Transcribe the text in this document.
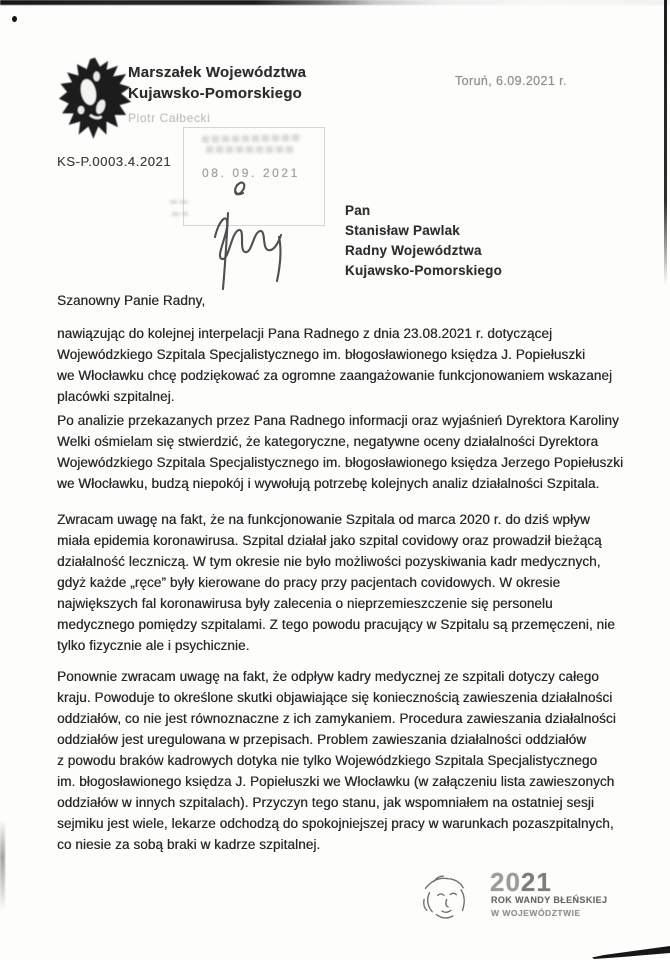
Marszałek Województwa
Kujawsko-Pomorskiego
Piotr Całbecki
Toruń, 6.09.2021 r.
KS-P.0003.4.2021
08. 09. 2021
Pan
Stanisław Pawlak
Radny Województwa
Kujawsko-Pomorskiego
Szanowny Panie Radny,
nawiązując do kolejnej interpelacji Pana Radnego z dnia 23.08.2021 r. dotyczącej
Wojewódzkiego Szpitala Specjalistycznego im. błogosławionego księdza J. Popiełuszki
we Włocławku chcę podziękować za ogromne zaangażowanie funkcjonowaniem wskazanej
placówki szpitalnej.
Po analizie przekazanych przez Pana Radnego informacji oraz wyjaśnień Dyrektora Karoliny
Welki ośmielam się stwierdzić, że kategoryczne, negatywne oceny działalności Dyrektora
Wojewódzkiego Szpitala Specjalistycznego im. błogosławionego księdza Jerzego Popiełuszki
we Włocławku, budzą niepokój i wywołują potrzebę kolejnych analiz działalności Szpitala.
Zwracam uwagę na fakt, że na funkcjonowanie Szpitala od marca 2020 r. do dziś wpływ
miała epidemia koronawirusa. Szpital działał jako szpital covidowy oraz prowadził bieżącą
działalność leczniczą. W tym okresie nie było możliwości pozyskiwania kadr medycznych,
gdyż każde „ręce” były kierowane do pracy przy pacjentach covidowych. W okresie
największych fal koronawirusa były zalecenia o nieprzemieszczenie się personelu
medycznego pomiędzy szpitalami. Z tego powodu pracujący w Szpitalu są przemęczeni, nie
tylko fizycznie ale i psychicznie.
Ponownie zwracam uwagę na fakt, że odpływ kadry medycznej ze szpitali dotyczy całego
kraju. Powoduje to określone skutki objawiające się koniecznością zawieszenia działalności
oddziałów, co nie jest równoznaczne z ich zamykaniem. Procedura zawieszania działalności
oddziałów jest uregulowana w przepisach. Problem zawieszania działalności oddziałów
z powodu braków kadrowych dotyka nie tylko Wojewódzkiego Szpitala Specjalistycznego
im. błogosławionego księdza J. Popiełuszki we Włocławku (w załączeniu lista zawieszonych
oddziałów w innych szpitalach). Przyczyn tego stanu, jak wspomniałem na ostatniej sesji
sejmiku jest wiele, lekarze odchodzą do spokojniejszej pracy w warunkach pozaszpitalnych,
co niesie za sobą braki w kadrze szpitalnej.
2021
ROK WANDY BŁEŃSKIEJ
W WOJEWÓDZTWIE
